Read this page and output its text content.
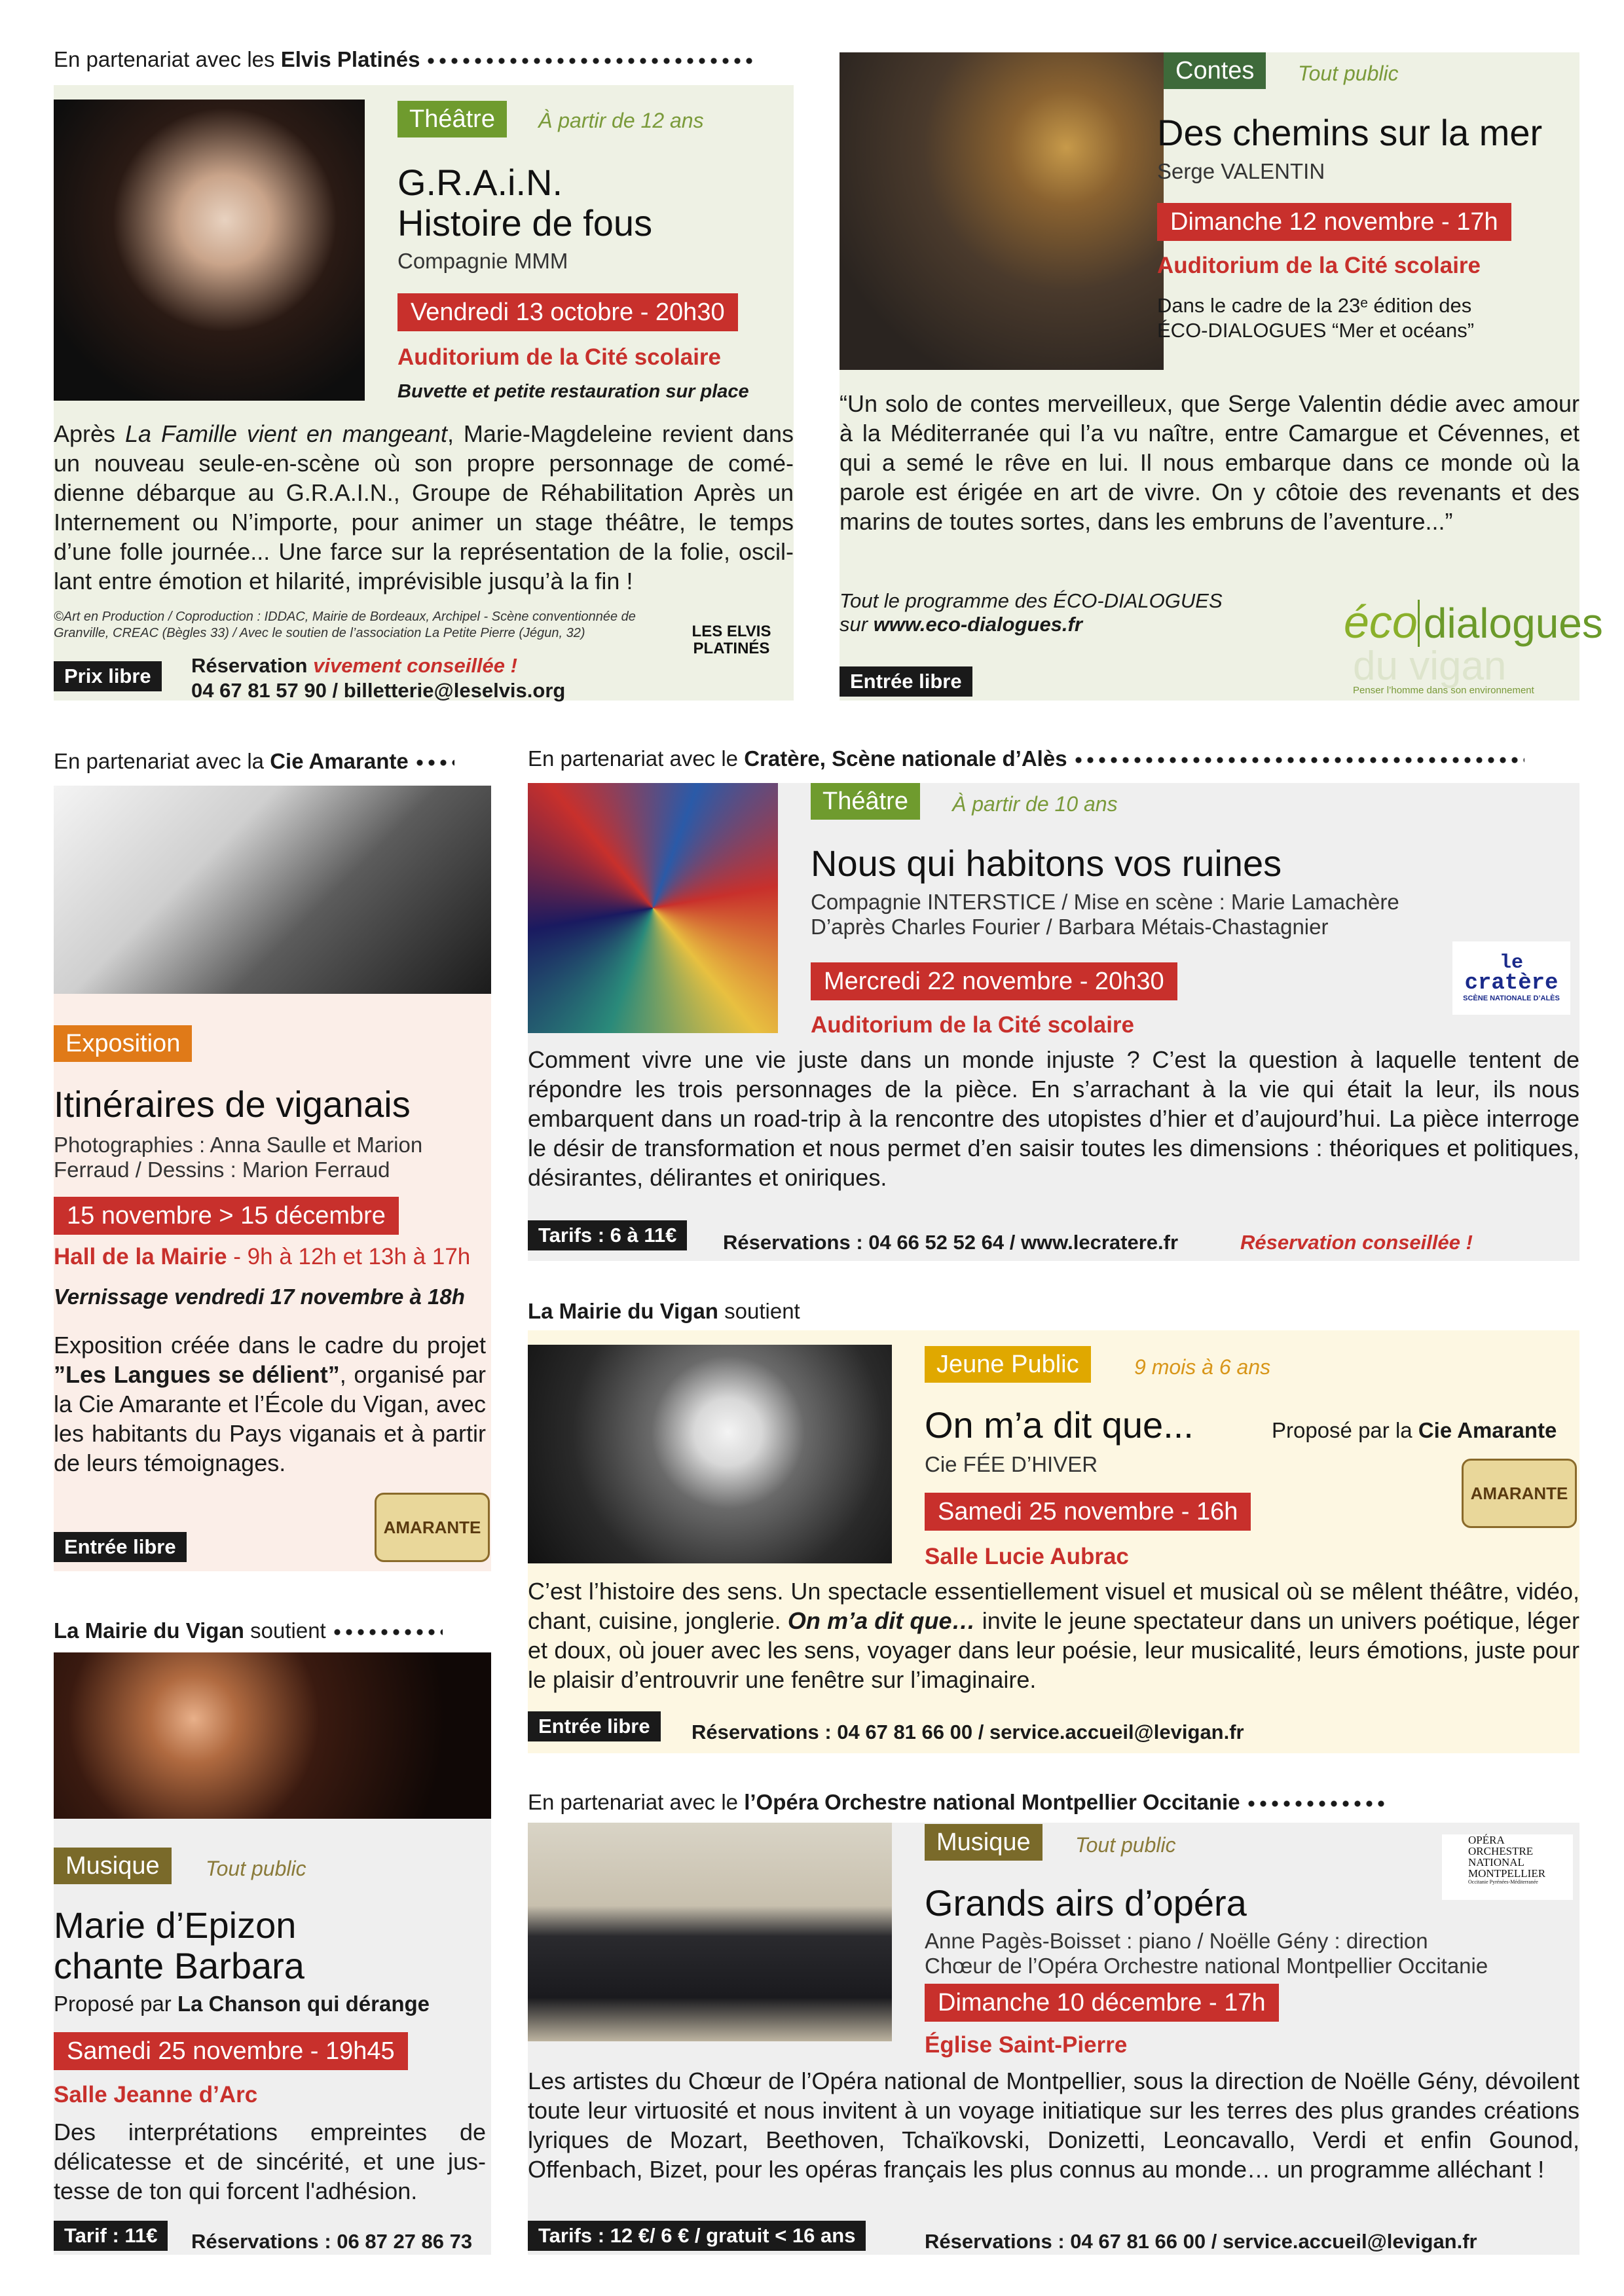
En partenariat avec les Elvis Platinés
Théâtre	À partir de 12 ans
G.R.A.i.N.
Histoire de fous
Compagnie MMM
Vendredi 13 octobre - 20h30
Auditorium de la Cité scolaire
Buvette et petite restauration sur place
Après La Famille vient en mangeant, Marie-Magdeleine revient dans un nouveau seule-en-scène où son propre personnage de comédienne débarque au G.R.A.I.N., Groupe de Réhabilitation Après un Internement ou N’importe, pour animer un stage théâtre, le temps d’une folle journée... Une farce sur la représentation de la folie, oscillant entre émotion et hilarité, imprévisible jusqu’à la fin !
©Art en Production / Coproduction : IDDAC, Mairie de Bordeaux, Archipel - Scène conventionnée de Granville, CREAC (Bègles 33) / Avec le soutien de l’association La Petite Pierre (Jégun, 32)	LES ELVIS PLATINÉS
Prix libre	Réservation vivement conseillée !
04 67 81 57 90 / billetterie@leselvis.org
Contes	Tout public
Des chemins sur la mer
Serge VALENTIN
Dimanche 12 novembre - 17h
Auditorium de la Cité scolaire
Dans le cadre de la 23ᵉ édition des
ÉCO-DIALOGUES “Mer et océans”
“Un solo de contes merveilleux, que Serge Valentin dédie avec amour à la Méditerranée qui l’a vu naître, entre Camargue et Cévennes, et qui a semé le rêve en lui. Il nous embarque dans ce monde où la parole est érigée en art de vivre. On y côtoie des revenants et des marins de toutes sortes, dans les embruns de l’aventure...”
Tout le programme des ÉCO-DIALOGUES
sur www.eco-dialogues.fr
Entrée libre
éco dialogues
du vigan
Penser l’homme dans son environnement
En partenariat avec la Cie Amarante
Exposition
Itinéraires de viganais
Photographies : Anna Saulle et Marion
Ferraud / Dessins : Marion Ferraud
15 novembre > 15 décembre
Hall de la Mairie - 9h à 12h et 13h à 17h
Vernissage vendredi 17 novembre à 18h
Exposition créée dans le cadre du projet ”Les Langues se délient”, organisé par la Cie Amarante et l’École du Vigan, avec les habitants du Pays viganais et à partir de leurs témoignages.
Entrée libre
AMARANTE
En partenariat avec le Cratère, Scène nationale d’Alès
Théâtre	À partir de 10 ans
Nous qui habitons vos ruines
Compagnie INTERSTICE / Mise en scène : Marie Lamachère
D’après Charles Fourier / Barbara Métais-Chastagnier
Mercredi 22 novembre - 20h30
Auditorium de la Cité scolaire
le
cratère
SCÈNE NATIONALE D’ALÈS
Comment vivre une vie juste dans un monde injuste ? C’est la question à laquelle tentent de répondre les trois personnages de la pièce. En s’arrachant à la vie qui était la leur, ils nous embarquent dans un road-trip à la rencontre des utopistes d’hier et d’aujourd’hui. La pièce interroge le désir de transformation et nous permet d’en saisir toutes les dimensions : théoriques et politiques, désirantes, délirantes et oniriques.
Tarifs : 6 à 11€	Réservations : 04 66 52 52 64 / www.lecratere.fr	Réservation conseillée !
La Mairie du Vigan soutient
Jeune Public	9 mois à 6 ans
On m’a dit que...	Proposé par la Cie Amarante
Cie FÉE D’HIVER
Samedi 25 novembre - 16h
Salle Lucie Aubrac
AMARANTE
C’est l’histoire des sens. Un spectacle essentiellement visuel et musical où se mêlent théâtre, vidéo, chant, cuisine, jonglerie. On m’a dit que… invite le jeune spectateur dans un univers poétique, léger et doux, où jouer avec les sens, voyager dans leur poésie, leur musicalité, leurs émotions, juste pour le plaisir d’entrouvrir une fenêtre sur l’imaginaire.
Entrée libre	Réservations : 04 67 81 66 00 / service.accueil@levigan.fr
La Mairie du Vigan soutient
Musique	Tout public
Marie d’Epizon
chante Barbara
Proposé par La Chanson qui dérange
Samedi 25 novembre - 19h45
Salle Jeanne d’Arc
Des interprétations empreintes de délicatesse et de sincérité, et une justesse de ton qui forcent l'adhésion.
Tarif : 11€	Réservations : 06 87 27 86 73
En partenariat avec le l’Opéra Orchestre national Montpellier Occitanie
Musique	Tout public
Grands airs d’opéra
Anne Pagès-Boisset : piano / Noëlle Gény : direction
Chœur de l’Opéra Orchestre national Montpellier Occitanie
Dimanche 10 décembre - 17h
Église Saint-Pierre
OPÉRA
ORCHESTRE
NATIONAL
MONTPELLIER
Occitanie Pyrénées-Méditerranée
Les artistes du Chœur de l’Opéra national de Montpellier, sous la direction de Noëlle Gény, dévoilent toute leur virtuosité et nous invitent à un voyage initiatique sur les terres des plus grandes créations lyriques de Mozart, Beethoven, Tchaïkovski, Donizetti, Leoncavallo, Verdi et enfin Gounod, Offenbach, Bizet, pour les opéras français les plus connus au monde… un programme alléchant !
Tarifs : 12 €/ 6 € / gratuit < 16 ans	Réservations : 04 67 81 66 00 / service.accueil@levigan.fr
